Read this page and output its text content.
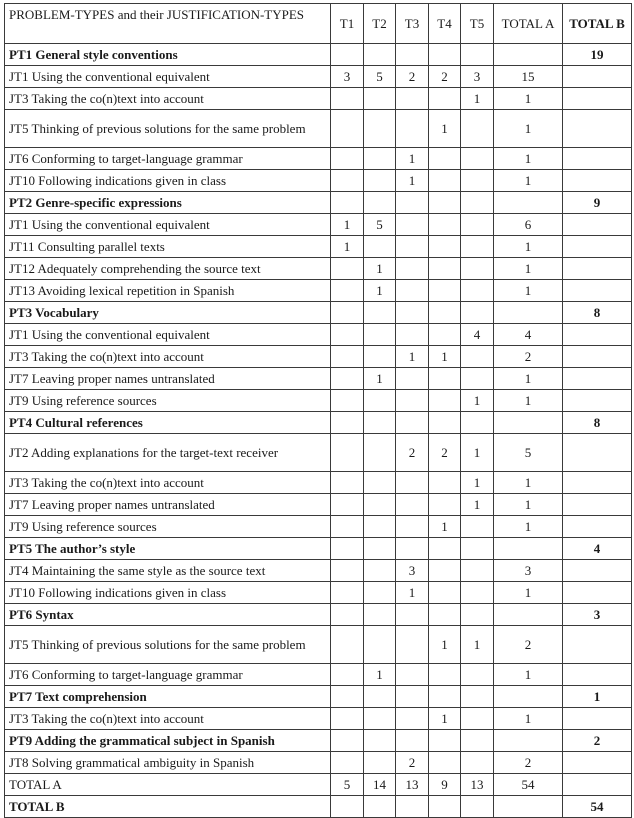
PROBLEM-TYPES and their JUSTIFICATION-TYPES	T1	T2	T3	T4	T5	TOTAL A	TOTAL B
PT1 General style conventions							19
JT1 Using the conventional equivalent	3	5	2	2	3	15	
JT3 Taking the co(n)text into account					1	1	
JT5 Thinking of previous solutions for the same problem				1		1	
JT6 Conforming to target-language grammar			1			1	
JT10 Following indications given in class			1			1	
PT2 Genre-specific expressions							9
JT1 Using the conventional equivalent	1	5				6	
JT11 Consulting parallel texts	1					1	
JT12 Adequately comprehending the source text		1				1	
JT13 Avoiding lexical repetition in Spanish		1				1	
PT3 Vocabulary							8
JT1 Using the conventional equivalent					4	4	
JT3 Taking the co(n)text into account			1	1		2	
JT7 Leaving proper names untranslated		1				1	
JT9 Using reference sources					1	1	
PT4 Cultural references							8
JT2 Adding explanations for the target-text receiver			2	2	1	5	
JT3 Taking the co(n)text into account					1	1	
JT7 Leaving proper names untranslated					1	1	
JT9 Using reference sources				1		1	
PT5 The author’s style							4
JT4 Maintaining the same style as the source text			3			3	
JT10 Following indications given in class			1			1	
PT6 Syntax							3
JT5 Thinking of previous solutions for the same problem				1	1	2	
JT6 Conforming to target-language grammar		1				1	
PT7 Text comprehension							1
JT3 Taking the co(n)text into account				1		1	
PT9 Adding the grammatical subject in Spanish							2
JT8 Solving grammatical ambiguity in Spanish			2			2	
TOTAL A	5	14	13	9	13	54	
TOTAL B							54
